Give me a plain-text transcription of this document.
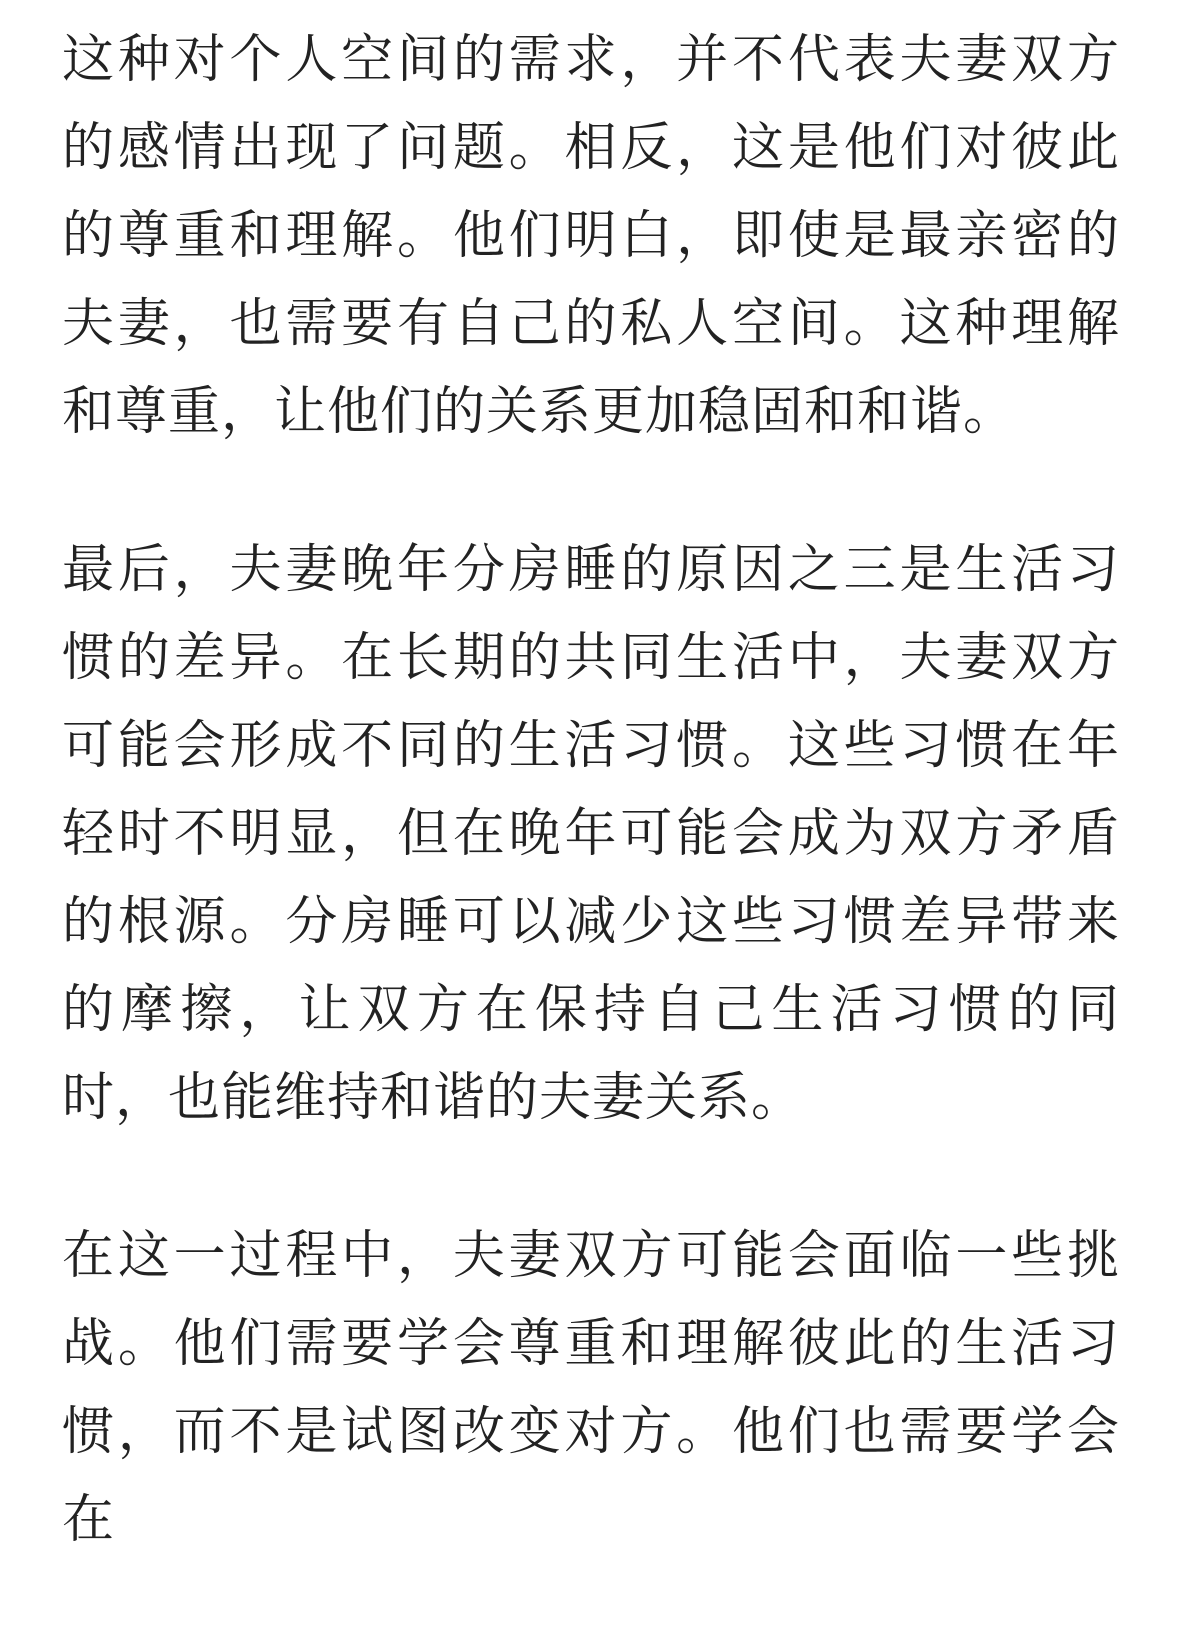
这种对个人空间的需求，并不代表夫妻双方的感情出现了问题。相反，这是他们对彼此的尊重和理解。他们明白，即使是最亲密的夫妻，也需要有自己的私人空间。这种理解和尊重，让他们的关系更加稳固和和谐。

最后，夫妻晚年分房睡的原因之三是生活习惯的差异。在长期的共同生活中，夫妻双方可能会形成不同的生活习惯。这些习惯在年轻时不明显，但在晚年可能会成为双方矛盾的根源。分房睡可以减少这些习惯差异带来的摩擦，让双方在保持自己生活习惯的同时，也能维持和谐的夫妻关系。

在这一过程中，夫妻双方可能会面临一些挑战。他们需要学会尊重和理解彼此的生活习惯，而不是试图改变对方。他们也需要学会在
